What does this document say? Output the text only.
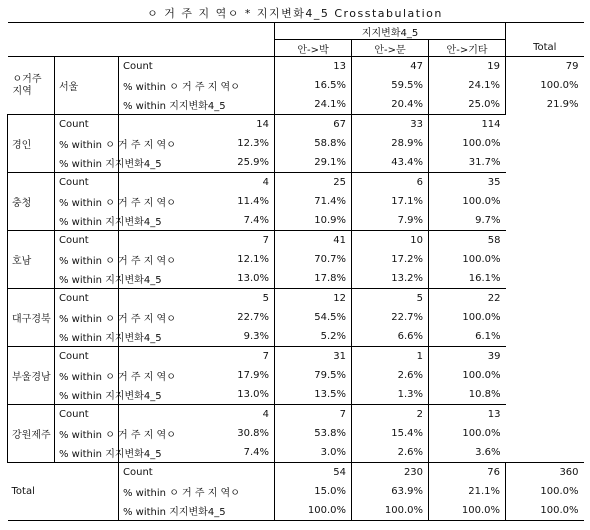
ㅇ 거 주 지 역ㅇ * 지지변화4_5 Crosstabulation
			지지변화4_5			
			안->박	안->문	안->기타	Total
ㅇ거주지역	서울	Count	13	47	19	79
		% within ㅇ 거 주 지 역ㅇ	16.5%	59.5%	24.1%	100.0%
		% within 지지변화4_5	24.1%	20.4%	25.0%	21.9%
경인	Count	14	67	33	114	
	% within ㅇ 거 주 지 역ㅇ	12.3%	58.8%	28.9%	100.0%	
	% within 지지변화4_5	25.9%	29.1%	43.4%	31.7%	
충청	Count	4	25	6	35	
	% within ㅇ 거 주 지 역ㅇ	11.4%	71.4%	17.1%	100.0%	
	% within 지지변화4_5	7.4%	10.9%	7.9%	9.7%	
호남	Count	7	41	10	58	
	% within ㅇ 거 주 지 역ㅇ	12.1%	70.7%	17.2%	100.0%	
	% within 지지변화4_5	13.0%	17.8%	13.2%	16.1%	
대구경북	Count	5	12	5	22	
	% within ㅇ 거 주 지 역ㅇ	22.7%	54.5%	22.7%	100.0%	
	% within 지지변화4_5	9.3%	5.2%	6.6%	6.1%	
부울경남	Count	7	31	1	39	
	% within ㅇ 거 주 지 역ㅇ	17.9%	79.5%	2.6%	100.0%	
	% within 지지변화4_5	13.0%	13.5%	1.3%	10.8%	
강원제주	Count	4	7	2	13	
	% within ㅇ 거 주 지 역ㅇ	30.8%	53.8%	15.4%	100.0%	
	% within 지지변화4_5	7.4%	3.0%	2.6%	3.6%	
Total		Count	54	230	76	360
		% within ㅇ 거 주 지 역ㅇ	15.0%	63.9%	21.1%	100.0%
		% within 지지변화4_5	100.0%	100.0%	100.0%	100.0%
